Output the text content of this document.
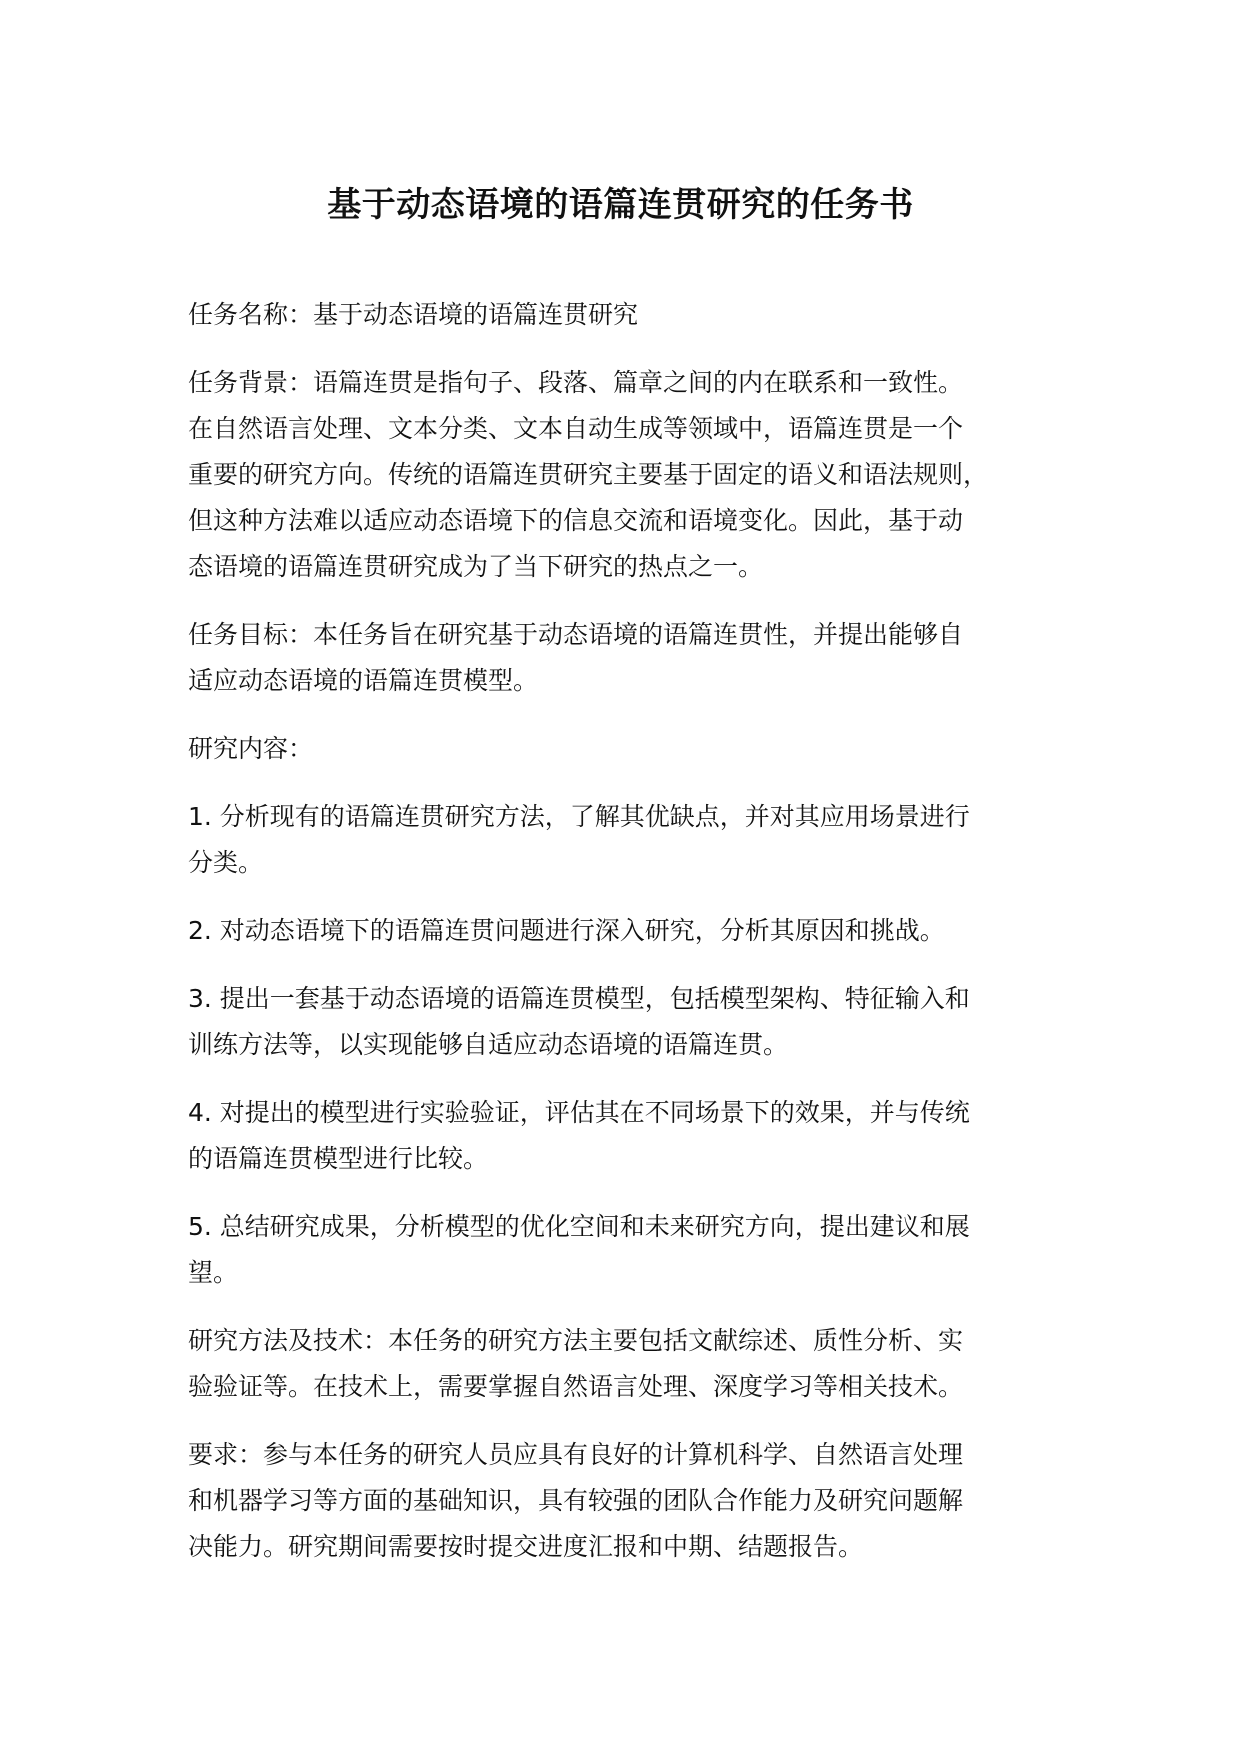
基于动态语境的语篇连贯研究的任务书

任务名称：基于动态语境的语篇连贯研究

任务背景：语篇连贯是指句子、段落、篇章之间的内在联系和一致性。
在自然语言处理、文本分类、文本自动生成等领域中，语篇连贯是一个
重要的研究方向。传统的语篇连贯研究主要基于固定的语义和语法规则，
但这种方法难以适应动态语境下的信息交流和语境变化。因此，基于动
态语境的语篇连贯研究成为了当下研究的热点之一。

任务目标：本任务旨在研究基于动态语境的语篇连贯性，并提出能够自
适应动态语境的语篇连贯模型。

研究内容：

1. 分析现有的语篇连贯研究方法，了解其优缺点，并对其应用场景进行
分类。

2. 对动态语境下的语篇连贯问题进行深入研究，分析其原因和挑战。

3. 提出一套基于动态语境的语篇连贯模型，包括模型架构、特征输入和
训练方法等，以实现能够自适应动态语境的语篇连贯。

4. 对提出的模型进行实验验证，评估其在不同场景下的效果，并与传统
的语篇连贯模型进行比较。

5. 总结研究成果，分析模型的优化空间和未来研究方向，提出建议和展
望。

研究方法及技术：本任务的研究方法主要包括文献综述、质性分析、实
验验证等。在技术上，需要掌握自然语言处理、深度学习等相关技术。

要求：参与本任务的研究人员应具有良好的计算机科学、自然语言处理
和机器学习等方面的基础知识，具有较强的团队合作能力及研究问题解
决能力。研究期间需要按时提交进度汇报和中期、结题报告。
